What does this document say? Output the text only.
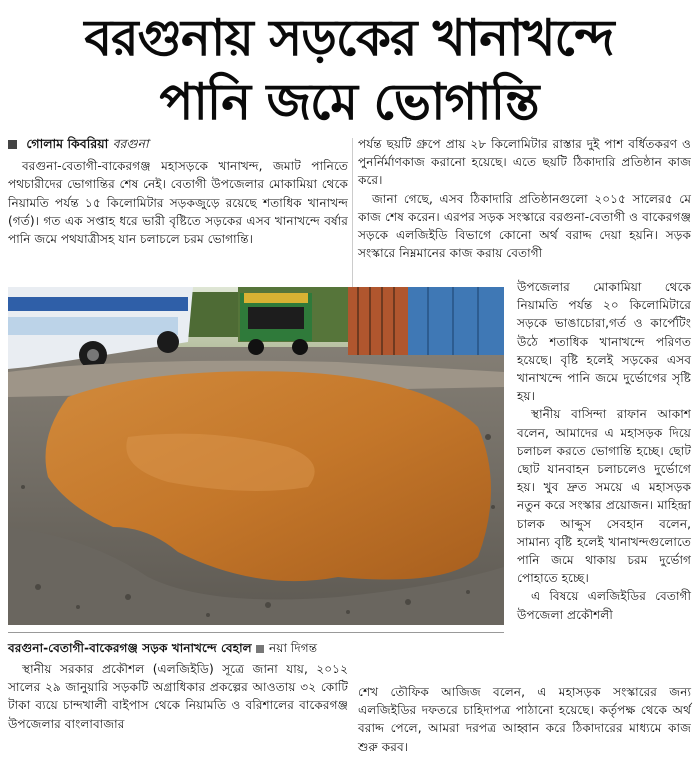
বরগুনায় সড়কের খানাখন্দে
পানি জমে ভোগান্তি
গোলাম কিবরিয়া বরগুনা

বরগুনা-বেতাগী-বাকেরগঞ্জ মহাসড়কে খানাখন্দ, জমাট পানিতে পথচারীদের ভোগান্তির শেষ নেই। বেতাগী উপজেলার মোকামিয়া থেকে নিয়ামতি পর্যন্ত ১৫ কিলোমিটার সড়কজুড়ে রয়েছে শতাধিক খানাখন্দ (গর্ত)। গত এক সপ্তাহ ধরে ভারী বৃষ্টিতে সড়কের এসব খানাখন্দে বর্ষার পানি জমে পথযাত্রীসহ যান চলাচলে চরম ভোগান্তি।

পর্যন্ত ছয়টি গ্রুপে প্রায় ২৮ কিলোমিটার রাস্তার দুই পাশ বর্ধিতকরণ ও পুনর্নির্মাণকাজ করানো হয়েছে। এতে ছয়টি ঠিকাদারি প্রতিষ্ঠান কাজ করে।

জানা গেছে, এসব ঠিকাদারি প্রতিষ্ঠানগুলো ২০১৫ সালের৫ মে কাজ শেষ করেন। এরপর সড়ক সংস্কারে বরগুনা-বেতাগী ও বাকেরগঞ্জ সড়কে এলজিইডি বিভাগে কোনো অর্থ বরাদ্দ দেয়া হয়নি। সড়ক সংস্কারে নিম্নমানের কাজ করায় বেতাগী

উপজেলার মোকামিয়া থেকে নিয়ামতি পর্যন্ত ২০ কিলোমিটারে সড়কে ভাঙাচোরা,গর্ত ও কার্পেটিং উঠে শতাধিক খানাখন্দে পরিণত হয়েছে। বৃষ্টি হলেই সড়কের এসব খানাখন্দে পানি জমে দুর্ভোগের সৃষ্টি হয়।

স্থানীয় বাসিন্দা রাফান আকাশ বলেন, আমাদের এ মহাসড়ক দিয়ে চলাচল করতে ভোগান্তি হচ্ছে। ছোট ছোট যানবাহন চলাচলেও দুর্ভোগে হয়। খুব দ্রুত সময়ে এ মহাসড়ক নতুন করে সংস্কার প্রয়োজন। মাহিন্দ্রা চালক আব্দুস সেবহান বলেন, সামান্য বৃষ্টি হলেই খানাখন্দগুলোতে পানি জমে থাকায় চরম দুর্ভোগ পোহাতে হচ্ছে।

এ বিষয়ে এলজিইডির বেতাগী উপজেলা প্রকৌশলী

শেখ তৌফিক আজিজ বলেন, এ মহাসড়ক সংস্কারের জন্য এলজিইডির দফতরে চাহিদাপত্র পাঠানো হয়েছে। কর্তৃপক্ষ থেকে অর্থ বরাদ্দ পেলে, আমরা দরপত্র আহ্বান করে ঠিকাদারের মাধ্যমে কাজ শুরু করব।

বরগুনা-বেতাগী-বাকেরগঞ্জ সড়ক খানাখন্দে বেহাল নয়া দিগন্ত

স্থানীয় সরকার প্রকৌশল (এলজিইডি) সূত্রে জানা যায়, ২০১২ সালের ২৯ জানুয়ারি সড়কটি অগ্রাধিকার প্রকল্পের আওতায় ৩২ কোটি টাকা ব্যয়ে চান্দখালী বাইপাস থেকে নিয়ামতি ও বরিশালের বাকেরগঞ্জ উপজেলার বাংলাবাজার
